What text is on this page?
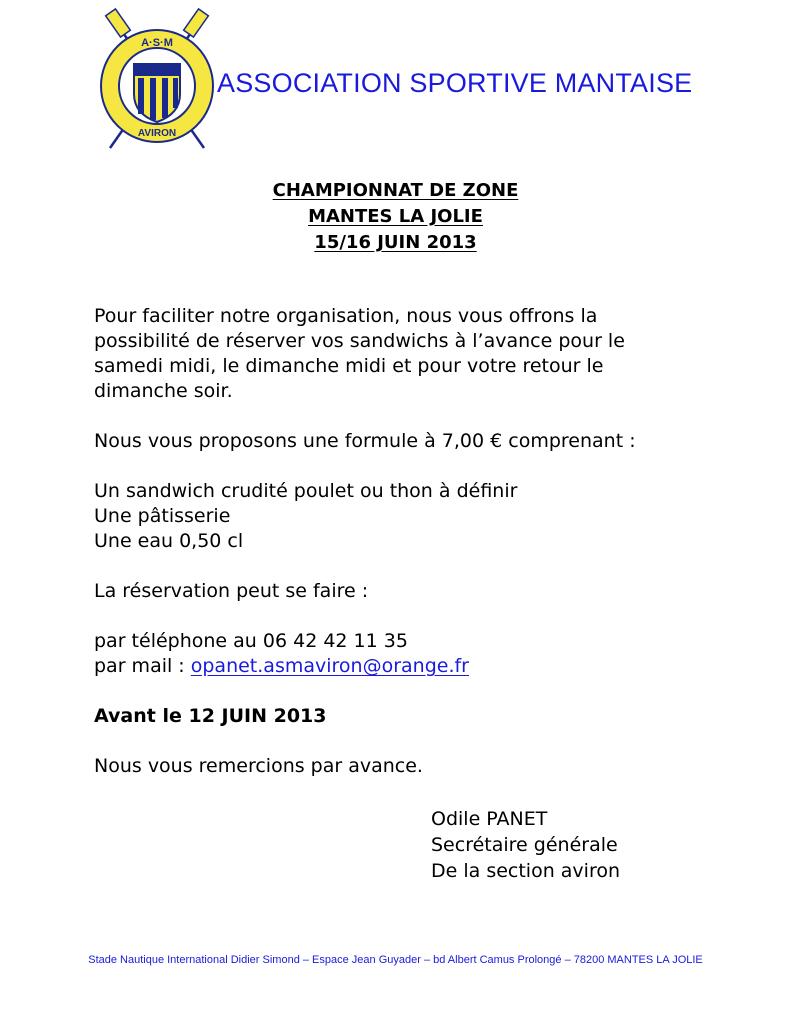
A·S·M
AVIRON
ASSOCIATION SPORTIVE MANTAISE
CHAMPIONNAT DE ZONE
MANTES LA JOLIE
15/16 JUIN 2013

Pour faciliter notre organisation, nous vous offrons la

possibilité de réserver vos sandwichs à l’avance pour le

samedi midi, le dimanche midi et pour votre retour le

dimanche soir.

Nous vous proposons une formule à 7,00 € comprenant :

Un sandwich crudité poulet ou thon à définir

Une pâtisserie

Une eau 0,50 cl

La réservation peut se faire :

par téléphone au 06 42 42 11 35

par mail : opanet.asmaviron@orange.fr

Avant le 12 JUIN 2013

Nous vous remercions par avance.

Odile PANET
Secrétaire générale
De la section aviron
Stade Nautique International Didier Simond – Espace Jean Guyader – bd Albert Camus Prolongé – 78200 MANTES LA JOLIE
